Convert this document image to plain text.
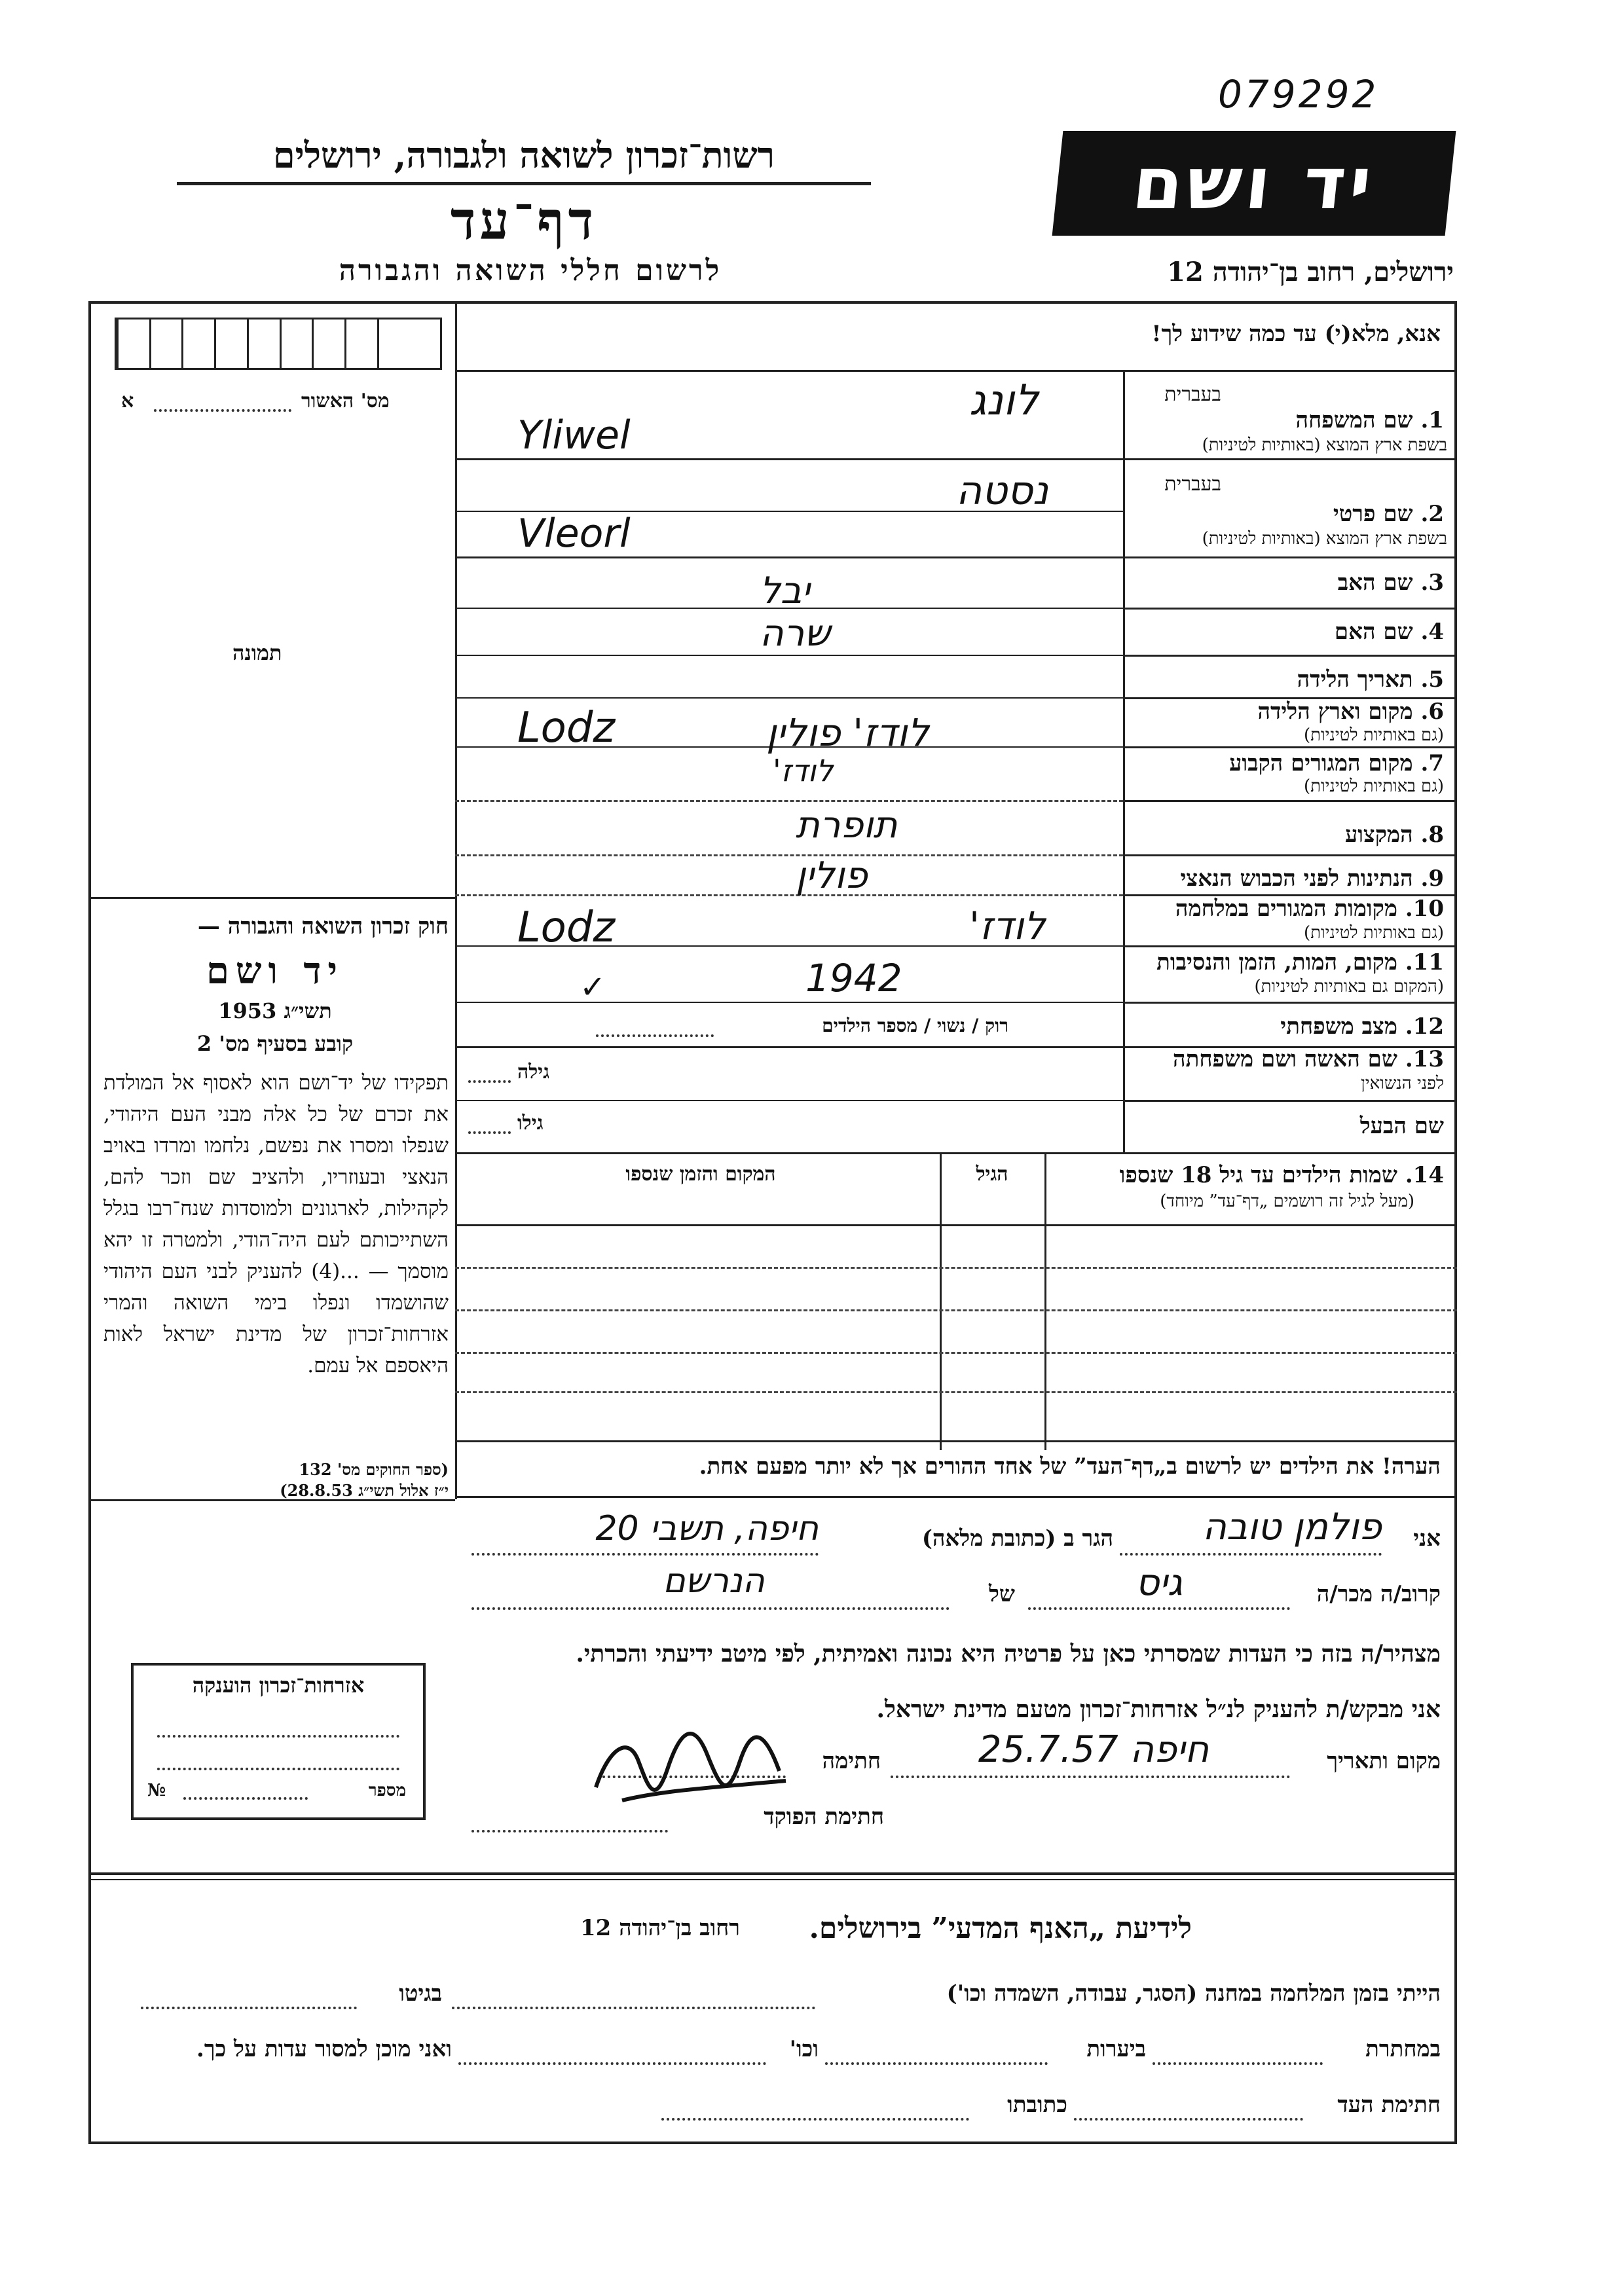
079292
רשות־זכרון לשואה ולגבורה, ירושלים
דף־עד
לרשום חללי השואה והגבורה
יד ושם
ירושלים, רחוב בן־יהודה 12
מס' האשור
א
תמונה
חוק זכרון השואה והגבורה —
יד ושם
תשי״ג 1953
קובע בסעיף מס' 2
תפקידו של יד־ושם הוא לאסוף אל המולדת את זכרם של כל אלה מבני העם היהודי, שנפלו ומסרו את נפשם, נלחמו ומרדו באויב הנאצי ובעוזריו, ולהציב שם וזכר להם, לקהילות, לארגונים ולמוסדות שנח־רבו בגלל השתייכותם לעם היה־הודי, ולמטרה זו יהא מוסמך — ...(4) להעניק לבני העם היהודי שהושמדו ונפלו בימי השואה והמרי אזרחות־זכרון של מדינת ישראל לאות היאספם אל עמם.
(ספר החוקים מס' 132
י״ז אלול תשי״ג 28.8.53)
אנא, מלא(י) עד כמה שידוע לך!
בעברית
1. שם המשפחה
בשפת ארץ המוצא (באותיות לטיניות)
בעברית
2. שם פרטי
בשפת ארץ המוצא (באותיות לטיניות)
3. שם האב
4. שם האם
5. תאריך הלידה
6. מקום וארץ הלידה
(גם באותיות לטיניות)
7. מקום המגורים הקבוע
(גם באותיות לטיניות)
8. המקצוע
9. הנתינות לפני הכבוש הנאצי
10. מקומות המגורים במלחמה
(גם באותיות לטיניות)
11. מקום, המות, הזמן והנסיבות
(המקום גם באותיות לטיניות)
12. מצב משפחתי
13. שם האשה ושם משפחתה
לפני הנשואין
שם הבעל
לונג
Yliwel
נסטה
Vleorl
יבל
שרה
Lodz	לודז' פולין
לודז'
תופרת
פולין
Lodz	לודז'
1942
רוק / נשוי / מספר הילדים
✓
גילה
גילו
14. שמות הילדים עד גיל 18 שנספו
(מעל לגיל זה רושמים „דף־עד” מיוחד)
הגיל
המקום והזמן שנספו
הערה! את הילדים יש לרשום ב„דף־העד” של אחד ההורים אך לא יותר מפעם אחת.
אני
פולמן טובה
הגר ב (כתובת מלאה)
חיפה, תשבי 20
קרוב/ה מכר/ה
גיס
של
הנרשם
מצהיר/ה בזה כי העדות שמסרתי כאן על פרטיה היא נכונה ואמיתית, לפי מיטב ידיעתי והכרתי.
אני מבקש/ת להעניק לנ״ל אזרחות־זכרון מטעם מדינת ישראל.
מקום ותאריך
חיפה 25.7.57
חתימה
חתימת הפוקד
אזרחות־זכרון הוענקה
מספר
№
לידיעת „האנף המדעי” בירושלים.
רחוב בן־יהודה 12
הייתי בזמן המלחמה במחנה (הסגר, עבודה, השמדה וכו')
בגיטו
במחתרת
ביערות
וכו'
ואני מוכן למסור עדות על כך.
חתימת העד
כתובתו
